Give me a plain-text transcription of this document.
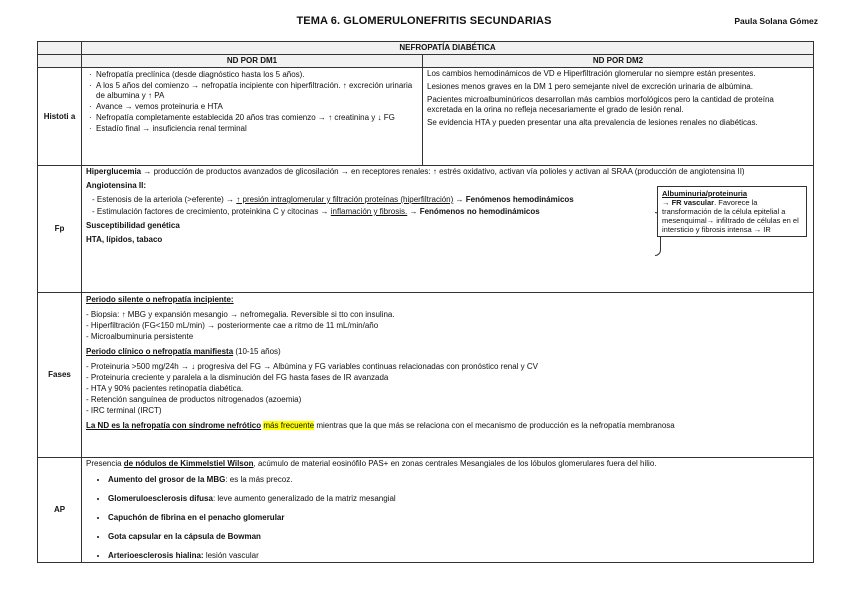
TEMA 6. GLOMERULONEFRITIS SECUNDARIAS	Paula Solana Gómez
NEFROPATÍA DIABÉTICA
ND POR DM1	ND POR DM2
Histoti a
· Nefropatía preclínica (desde diagnóstico hasta los 5 años).
· A los 5 años del comienzo → nefropatía incipiente con hiperfiltración. ↑ excreción urinaria de albumina y ↑ PA
· Avance → vemos proteinuria e HTA
· Nefropatía completamente establecida 20 años tras comienzo → ↑ creatinina y ↓ FG
· Estadío final → insuficiencia renal terminal

Los cambios hemodinámicos de VD e Hiperfiltración glomerular no siempre están presentes.

Lesiones menos graves en la DM 1 pero semejante nivel de excreción urinaria de albúmina.

Pacientes microalbuminúricos desarrollan más cambios morfológicos pero la cantidad de proteína excretada en la orina no refleja necesariamente el grado de lesión renal.

Se evidencia HTA y pueden presentar una alta prevalencia de lesiones renales no diabéticas.

Fp

Hiperglucemia → producción de productos avanzados de glicosilación → en receptores renales: ↑ estrés oxidativo, activan vía polioles y activan al SRAA (producción de angiotensina II)

Angiotensina II:

- Estenosis de la arteriola (>eferente) → ↑ presión intraglomerular y filtración proteínas (hiperfiltración) → Fenómenos hemodinámicos

- Estimulación factores de crecimiento, proteinkina C y citocinas → inflamación y fibrosis. → Fenómenos no hemodinámicos

Susceptibilidad genética

HTA, lípidos, tabaco

Albuminuria/proteinuria
→ FR vascular. Favorece la transformación de la célula epitelial a mesenquimal→ infiltrado de células en el intersticio y fibrosis intensa → IR
Fases

Periodo silente o nefropatía incipiente:

- Biopsia: ↑ MBG y expansión mesangio → nefromegalia. Reversible si tto con insulina.

- Hiperfiltración (FG<150 mL/min) → posteriormente cae a ritmo de 11 mL/min/año

- Microalbuminuria persistente

Periodo clínico o nefropatía manifiesta (10-15 años)

- Proteinuria >500 mg/24h → ↓ progresiva del FG → Albúmina y FG variables continuas relacionadas con pronóstico renal y CV

- Proteinuria creciente y paralela a la disminución del FG hasta fases de IR avanzada

- HTA y 90% pacientes retinopatía diabética.

- Retención sanguínea de productos nitrogenados (azoemia)

- IRC terminal (IRCT)

La ND es la nefropatía con síndrome nefrótico más frecuente mientras que la que más se relaciona con el mecanismo de producción es la nefropatía membranosa

AP

Presencia de nódulos de Kimmelstiel Wilson, acúmulo de material eosinófilo PAS+ en zonas centrales Mesangiales de los lóbulos glomerulares fuera del hilio.

• Aumento del grosor de la MBG: es la más precoz.
• Glomeruloesclerosis difusa: leve aumento generalizado de la matriz mesangial
• Capuchón de fibrina en el penacho glomerular
• Gota capsular en la cápsula de Bowman
• Arterioesclerosis hialina: lesión vascular
